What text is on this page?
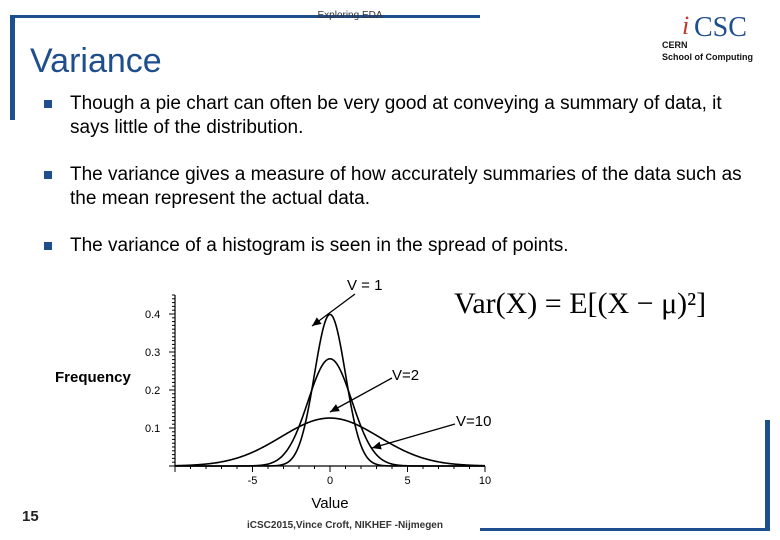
Exploring EDA	i CSC
CERN
School of Computing
Variance
Though a pie chart can often be very good at conveying a summary of data, it says little of the distribution.
The variance gives a measure of how accurately summaries of the data such as the mean represent the actual data.
The variance of a histogram is seen in the spread of points.
-5	0	5	10
0.1
0.2
0.3
0.4
Value
Frequency
V = 1
V=2
V=10
Var(X) = E[(X − μ)²]
15
iCSC2015,Vince Croft, NIKHEF -Nijmegen
